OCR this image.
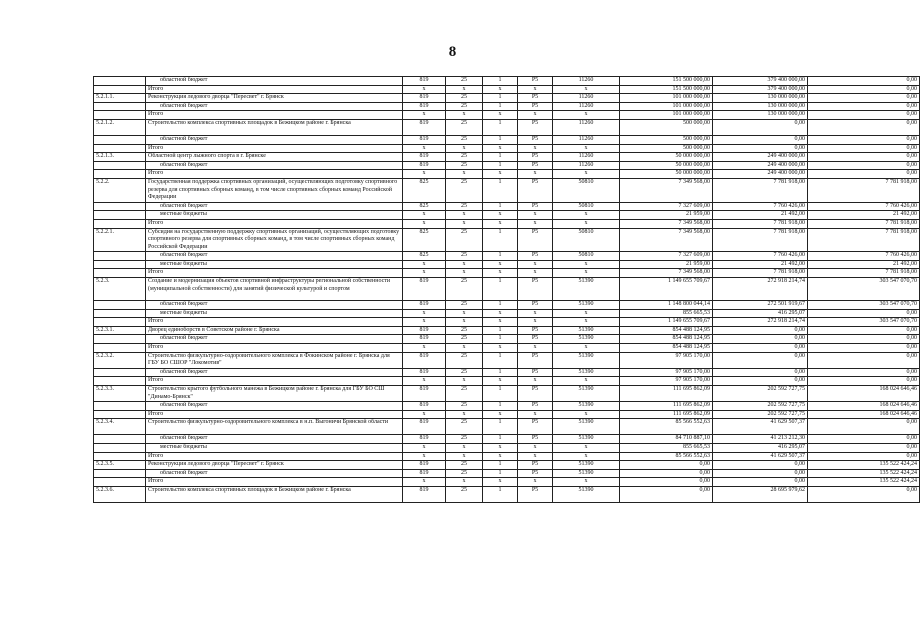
8
	областной бюджет	819	25	1	Р5	11260	151 500 000,00	379 400 000,00	0,00
	Итого	х	х	х	х	х	151 500 000,00	379 400 000,00	0,00
5.2.1.1.	Реконструкция ледового дворца "Пересвет" г. Брянск	819	25	1	Р5	11260	101 000 000,00	130 000 000,00	0,00
	областной бюджет	819	25	1	Р5	11260	101 000 000,00	130 000 000,00	0,00
	Итого	х	х	х	х	х	101 000 000,00	130 000 000,00	0,00
5.2.1.2.	Строительство комплекса спортивных площадок в Бежицком районе г. Брянска	819	25	1	Р5	11260	500 000,00	0,00	0,00
	областной бюджет	819	25	1	Р5	11260	500 000,00	0,00	0,00
	Итого	х	х	х	х	х	500 000,00	0,00	0,00
5.2.1.3.	Областной центр лыжного спорта в г. Брянске	819	25	1	Р5	11260	50 000 000,00	249 400 000,00	0,00
	областной бюджет	819	25	1	Р5	11260	50 000 000,00	249 400 000,00	0,00
	Итого	х	х	х	х	х	50 000 000,00	249 400 000,00	0,00
5.2.2.	Государственная поддержка спортивных организаций, осуществляющих подготовку спортивного резерва для спортивных сборных команд, в том числе спортивных сборных команд Российской Федерации	825	25	1	Р5	50810	7 349 568,00	7 781 918,00	7 781 918,00
	областной бюджет	825	25	1	Р5	50810	7 327 609,00	7 760 426,00	7 760 426,00
	местные бюджеты	х	х	х	х	х	21 959,00	21 492,00	21 492,00
	Итого	х	х	х	х	х	7 349 568,00	7 781 918,00	7 781 918,00
5.2.2.1.	Субсидия на государственную поддержку спортивных организаций, осуществляющих подготовку спортивного резерва для спортивных сборных команд, в том числе спортивных сборных команд Российской Федерации	825	25	1	Р5	50810	7 349 568,00	7 781 918,00	7 781 918,00
	областной бюджет	825	25	1	Р5	50810	7 327 609,00	7 760 426,00	7 760 426,00
	местные бюджеты	х	х	х	х	х	21 959,00	21 492,00	21 492,00
	Итого	х	х	х	х	х	7 349 568,00	7 781 918,00	7 781 918,00
5.2.3.	Создание и модернизация объектов спортивной инфраструктуры региональной собственности (муниципальной собственности) для занятий физической культурой и спортом	819	25	1	Р5	51390	1 149 655 709,67	272 918 214,74	303 547 070,70
	областной бюджет	819	25	1	Р5	51390	1 148 800 044,14	272 501 919,67	303 547 070,70
	местные бюджеты	х	х	х	х	х	855 665,53	416 295,07	0,00
	Итого	х	х	х	х	х	1 149 655 709,67	272 918 214,74	303 547 070,70
5.2.3.1.	Дворец единоборств в Советском районе г. Брянска	819	25	1	Р5	51390	854 488 124,95	0,00	0,00
	областной бюджет	819	25	1	Р5	51390	854 488 124,95	0,00	0,00
	Итого	х	х	х	х	х	854 488 124,95	0,00	0,00
5.2.3.2.	Строительство физкультурно-оздоровительного комплекса в Фокинском районе г. Брянска для ГБУ БО СШОР "Локомотив"	819	25	1	Р5	51390	97 905 170,00	0,00	0,00
	областной бюджет	819	25	1	Р5	51390	97 905 170,00	0,00	0,00
	Итого	х	х	х	х	х	97 905 170,00	0,00	0,00
5.2.3.3.	Строительство крытого футбольного манежа в Бежицком районе г. Брянска для ГБУ БО СШ "Динамо-Брянск"	819	25	1	Р5	51390	111 695 862,09	202 592 727,75	168 024 646,46
	областной бюджет	819	25	1	Р5	51390	111 695 862,09	202 592 727,75	168 024 646,46
	Итого	х	х	х	х	х	111 695 862,09	202 592 727,75	168 024 646,46
5.2.3.4.	Строительство физкультурно-оздоровительного комплекса в н.п. Выгоничи Брянской области	819	25	1	Р5	51390	85 566 552,63	41 629 507,37	0,00
	областной бюджет	819	25	1	Р5	51390	84 710 887,10	41 213 212,30	0,00
	местные бюджеты	х	х	х	х	х	855 665,53	416 295,07	0,00
	Итого	х	х	х	х	х	85 566 552,63	41 629 507,37	0,00
5.2.3.5.	Реконструкция ледового дворца "Пересвет" г. Брянск	819	25	1	Р5	51390	0,00	0,00	135 522 424,24
	областной бюджет	819	25	1	Р5	51390	0,00	0,00	135 522 424,24
	Итого	х	х	х	х	х	0,00	0,00	135 522 424,24
5.2.3.6.	Строительство комплекса спортивных площадок в Бежицком районе г. Брянска	819	25	1	Р5	51390	0,00	28 695 979,62	0,00
